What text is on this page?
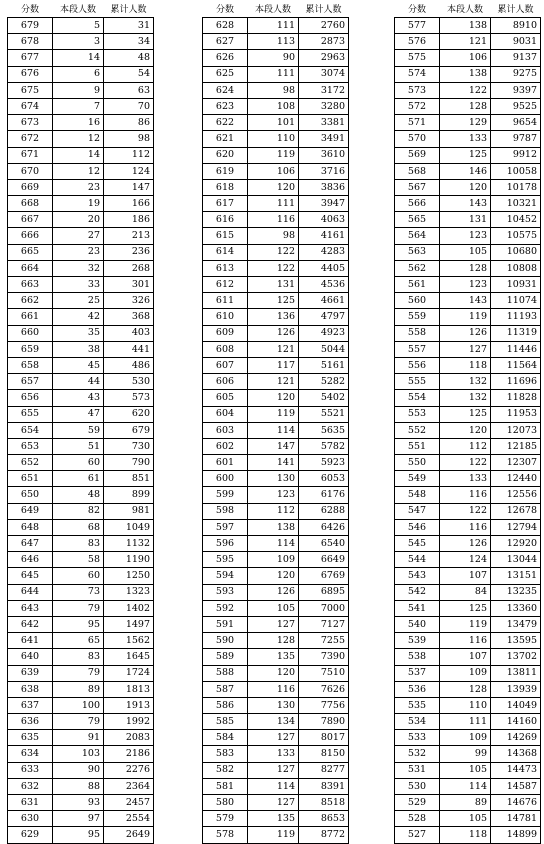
分数	本段人数	累计人数
679	5	31
678	3	34
677	14	48
676	6	54
675	9	63
674	7	70
673	16	86
672	12	98
671	14	112
670	12	124
669	23	147
668	19	166
667	20	186
666	27	213
665	23	236
664	32	268
663	33	301
662	25	326
661	42	368
660	35	403
659	38	441
658	45	486
657	44	530
656	43	573
655	47	620
654	59	679
653	51	730
652	60	790
651	61	851
650	48	899
649	82	981
648	68	1049
647	83	1132
646	58	1190
645	60	1250
644	73	1323
643	79	1402
642	95	1497
641	65	1562
640	83	1645
639	79	1724
638	89	1813
637	100	1913
636	79	1992
635	91	2083
634	103	2186
633	90	2276
632	88	2364
631	93	2457
630	97	2554
629	95	2649
分数	本段人数	累计人数
628	111	2760
627	113	2873
626	90	2963
625	111	3074
624	98	3172
623	108	3280
622	101	3381
621	110	3491
620	119	3610
619	106	3716
618	120	3836
617	111	3947
616	116	4063
615	98	4161
614	122	4283
613	122	4405
612	131	4536
611	125	4661
610	136	4797
609	126	4923
608	121	5044
607	117	5161
606	121	5282
605	120	5402
604	119	5521
603	114	5635
602	147	5782
601	141	5923
600	130	6053
599	123	6176
598	112	6288
597	138	6426
596	114	6540
595	109	6649
594	120	6769
593	126	6895
592	105	7000
591	127	7127
590	128	7255
589	135	7390
588	120	7510
587	116	7626
586	130	7756
585	134	7890
584	127	8017
583	133	8150
582	127	8277
581	114	8391
580	127	8518
579	135	8653
578	119	8772
分数	本段人数	累计人数
577	138	8910
576	121	9031
575	106	9137
574	138	9275
573	122	9397
572	128	9525
571	129	9654
570	133	9787
569	125	9912
568	146	10058
567	120	10178
566	143	10321
565	131	10452
564	123	10575
563	105	10680
562	128	10808
561	123	10931
560	143	11074
559	119	11193
558	126	11319
557	127	11446
556	118	11564
555	132	11696
554	132	11828
553	125	11953
552	120	12073
551	112	12185
550	122	12307
549	133	12440
548	116	12556
547	122	12678
546	116	12794
545	126	12920
544	124	13044
543	107	13151
542	84	13235
541	125	13360
540	119	13479
539	116	13595
538	107	13702
537	109	13811
536	128	13939
535	110	14049
534	111	14160
533	109	14269
532	99	14368
531	105	14473
530	114	14587
529	89	14676
528	105	14781
527	118	14899
